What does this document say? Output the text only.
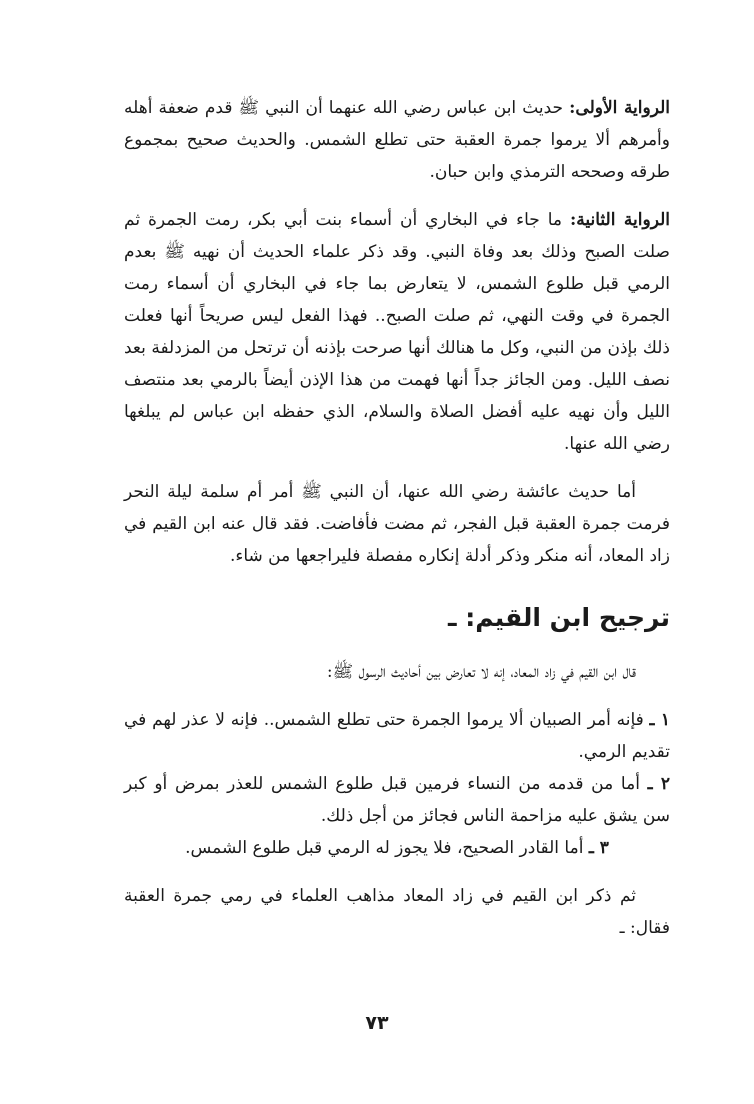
الرواية الأولى: حديث ابن عباس رضي الله عنهما أن النبي ﷺ قدم ضعفة أهله وأمرهم ألا يرموا جمرة العقبة حتى تطلع الشمس. والحديث صحيح بمجموع طرقه وصححه الترمذي وابن حبان.

الرواية الثانية: ما جاء في البخاري أن أسماء بنت أبي بكر، رمت الجمرة ثم صلت الصبح وذلك بعد وفاة النبي. وقد ذكر علماء الحديث أن نهيه ﷺ بعدم الرمي قبل طلوع الشمس، لا يتعارض بما جاء في البخاري أن أسماء رمت الجمرة في وقت النهي، ثم صلت الصبح.. فهذا الفعل ليس صريحاً أنها فعلت ذلك بإذن من النبي، وكل ما هنالك أنها صرحت بإذنه أن ترتحل من المزدلفة بعد نصف الليل. ومن الجائز جداً أنها فهمت من هذا الإذن أيضاً بالرمي بعد منتصف الليل وأن نهيه عليه أفضل الصلاة والسلام، الذي حفظه ابن عباس لم يبلغها رضي الله عنها.

أما حديث عائشة رضي الله عنها، أن النبي ﷺ أمر أم سلمة ليلة النحر فرمت جمرة العقبة قبل الفجر، ثم مضت فأفاضت. فقد قال عنه ابن القيم في زاد المعاد، أنه منكر وذكر أدلة إنكاره مفصلة فليراجعها من شاء.

ترجيح ابن القيم: ـ

قال ابن القيم في زاد المعاد، إنه لا تعارض بين أحاديث الرسول ﷺ:

١ ـ فإنه أمر الصبيان ألا يرموا الجمرة حتى تطلع الشمس.. فإنه لا عذر لهم في تقديم الرمي.

٢ ـ أما من قدمه من النساء فرمين قبل طلوع الشمس للعذر بمرض أو كبر سن يشق عليه مزاحمة الناس فجائز من أجل ذلك.

٣ ـ أما القادر الصحيح، فلا يجوز له الرمي قبل طلوع الشمس.

ثم ذكر ابن القيم في زاد المعاد مذاهب العلماء في رمي جمرة العقبة فقال: ـ

٧٣
